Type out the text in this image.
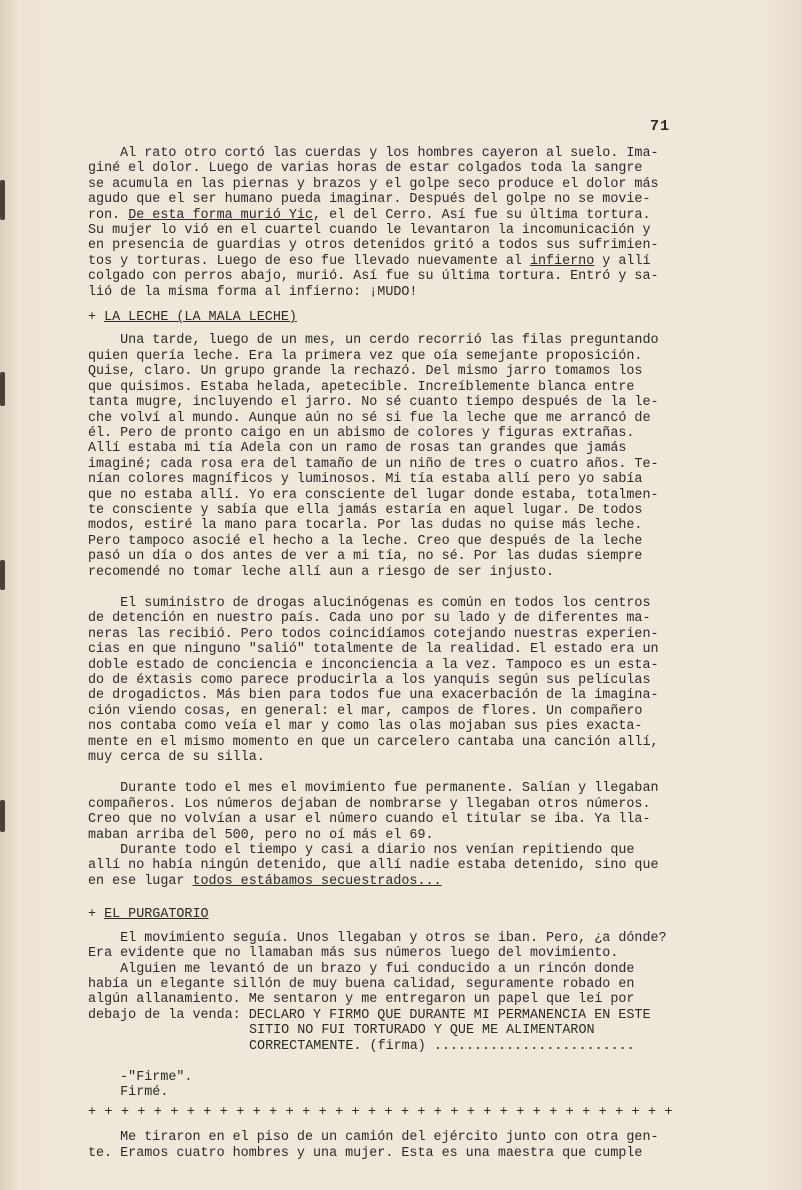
71

Al rato otro cortó las cuerdas y los hombres cayeron al suelo. Ima-

giné el dolor. Luego de varias horas de estar colgados toda la sangre

se acumula en las piernas y brazos y el golpe seco produce el dolor más

agudo que el ser humano pueda imaginar. Después del golpe no se movie-

ron. De esta forma murió Yic, el del Cerro. Así fue su última tortura.

Su mujer lo vió en el cuartel cuando le levantaron la incomunicación y

en presencia de guardias y otros detenidos gritó a todos sus sufrimien-

tos y torturas. Luego de eso fue llevado nuevamente al infierno y allí

colgado con perros abajo, murió. Así fue su última tortura. Entró y sa-

lió de la misma forma al infierno: ¡MUDO!

+ LA LECHE (LA MALA LECHE)

Una tarde, luego de un mes, un cerdo recorrió las filas preguntando

quien quería leche. Era la primera vez que oía semejante proposición.

Quise, claro. Un grupo grande la rechazó. Del mismo jarro tomamos los

que quisimos. Estaba helada, apetecible. Increíblemente blanca entre

tanta mugre, incluyendo el jarro. No sé cuanto tiempo después de la le-

che volví al mundo. Aunque aún no sé si fue la leche que me arrancó de

él. Pero de pronto caigo en un abismo de colores y figuras extrañas.

Allí estaba mi tía Adela con un ramo de rosas tan grandes que jamás

imaginé; cada rosa era del tamaño de un niño de tres o cuatro años. Te-

nían colores magníficos y luminosos. Mi tía estaba allí pero yo sabía

que no estaba allí. Yo era consciente del lugar donde estaba, totalmen-

te consciente y sabía que ella jamás estaría en aquel lugar. De todos

modos, estiré la mano para tocarla. Por las dudas no quise más leche.

Pero tampoco asocié el hecho a la leche. Creo que después de la leche

pasó un día o dos antes de ver a mi tía, no sé. Por las dudas siempre

recomendé no tomar leche allí aun a riesgo de ser injusto.

El suministro de drogas alucinógenas es común en todos los centros

de detención en nuestro país. Cada uno por su lado y de diferentes ma-

neras las recibió. Pero todos coincidíamos cotejando nuestras experien-

cias en que ninguno "salió" totalmente de la realidad. El estado era un

doble estado de conciencia e inconciencia a la vez. Tampoco es un esta-

do de éxtasis como parece producirla a los yanquis según sus películas

de drogadictos. Más bien para todos fue una exacerbación de la imagina-

ción viendo cosas, en general: el mar, campos de flores. Un compañero

nos contaba como veía el mar y como las olas mojaban sus pies exacta-

mente en el mismo momento en que un carcelero cantaba una canción allí,

muy cerca de su silla.

Durante todo el mes el movimiento fue permanente. Salían y llegaban

compañeros. Los números dejaban de nombrarse y llegaban otros números.

Creo que no volvían a usar el número cuando el titular se iba. Ya lla-

maban arriba del 500, pero no oí más el 69.

Durante todo el tiempo y casi a diario nos venían repitiendo que

allí no había ningún detenido, que allí nadie estaba detenido, sino que

en ese lugar todos estábamos secuestrados...

+ EL PURGATORIO

El movimiento seguía. Unos llegaban y otros se iban. Pero, ¿a dónde?

Era evidente que no llamaban más sus números luego del movimiento.

Alguien me levantó de un brazo y fui conducido a un rincón donde

había un elegante sillón de muy buena calidad, seguramente robado en

algún allanamiento. Me sentaron y me entregaron un papel que leí por

debajo de la venda: DECLARO Y FIRMO QUE DURANTE MI PERMANENCIA EN ESTE

SITIO NO FUI TORTURADO Y QUE ME ALIMENTARON

CORRECTAMENTE. (firma) .........................

-"Firme".

Firmé.

+ + + + + + + + + + + + + + + + + + + + + + + + + + + + + + + + + + + +

Me tiraron en el piso de un camión del ejército junto con otra gen-

te. Eramos cuatro hombres y una mujer. Esta es una maestra que cumple
